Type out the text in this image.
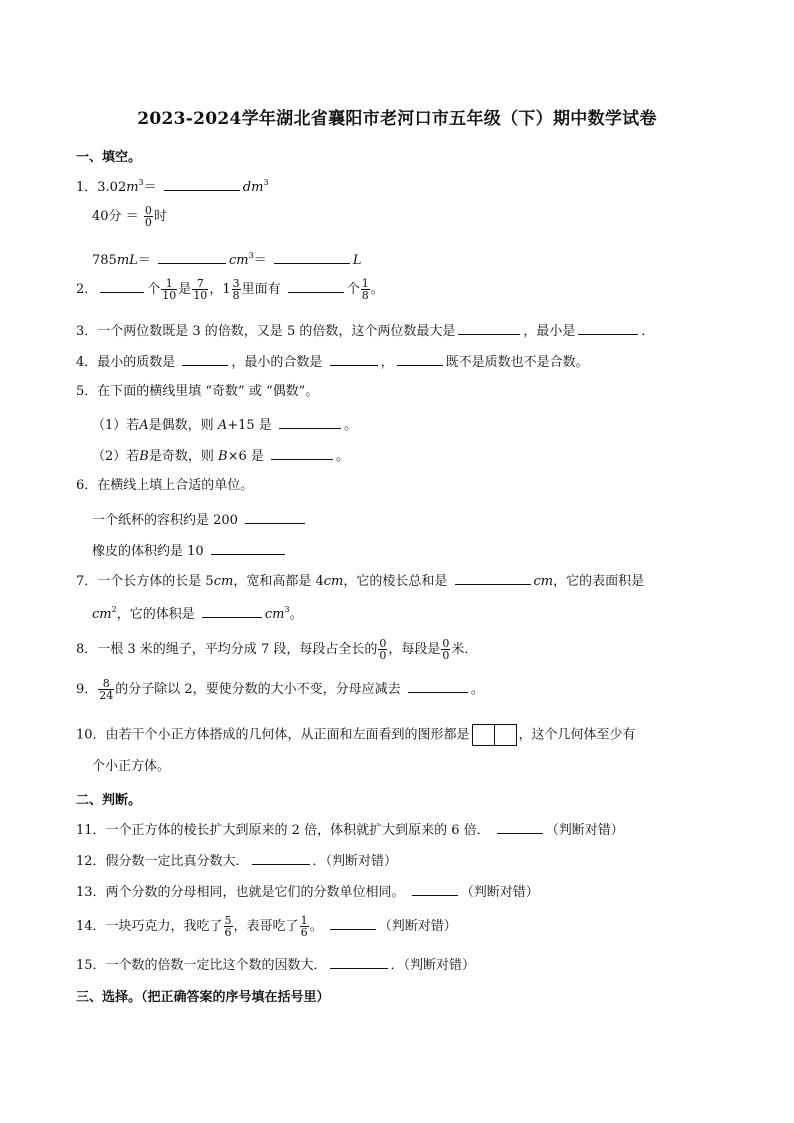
2023-2024学年湖北省襄阳市老河口市五年级（下）期中数学试卷
一、填空。
1．$3.02m^3=$	$dm^3$
40分 ＝ $\frac{0}{0}$ 时
785mL＝	$cm^3=$	L
2．	个 $\frac{1}{10}$ 是 $\frac{7}{10}$ ，$1 \frac{3}{8}$ 里面有	个 $\frac{1}{8}$ 。
3．一个两位数既是 3 的倍数，又是 5 的倍数，这个两位数最大是	，最小是	．
4．最小的质数是	，最小的合数是	，	既不是质数也不是合数。
5．在下面的横线里填 “奇数” 或 “偶数”。
（1）若A是偶数，则 A+15 是	。
（2）若B是奇数，则 B×6 是	。
6．在横线上填上合适的单位。
一个纸杯的容积约是 200
橡皮的体积约是 10
7．一个长方体的长是 5cm，宽和高都是 4cm，它的棱长总和是	cm，它的表面积是
$cm^2$，它的体积是	$cm^3$。
8．一根 3 米的绳子，平均分成 7 段，每段占全长的 $\frac{0}{0}$ ，每段是 $\frac{0}{0}$ 米．
9． $\frac{8}{24}$ 的分子除以 2，要使分数的大小不变，分母应减去	。
10．由若干个小正方体搭成的几何体，从正面和左面看到的图形都是	，这个几何体至少有
个小正方体。
二、判断。
11．一个正方体的棱长扩大到原来的 2 倍，体积就扩大到原来的 6 倍．	（判断对错）
12．假分数一定比真分数大．	．（判断对错）
13．两个分数的分母相同，也就是它们的分数单位相同。	（判断对错）
14．一块巧克力，我吃了 $\frac{5}{6}$ ，表哥吃了 $\frac{1}{6}$ 。	（判断对错）
15．一个数的倍数一定比这个数的因数大．	．（判断对错）
三、选择。（把正确答案的序号填在括号里）
